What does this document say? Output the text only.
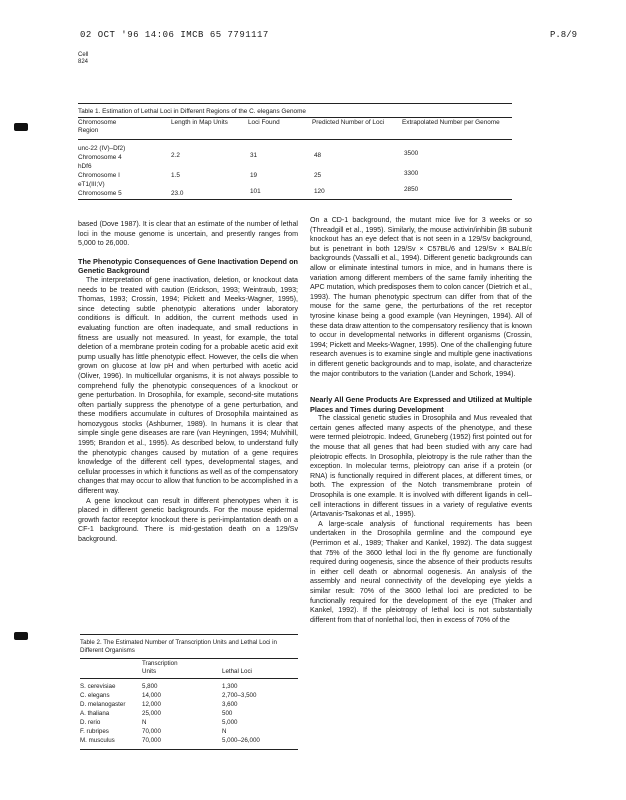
02 OCT '96 14:06 IMCB 65 7791117	P.8/9
Cell
824
Table 1. Estimation of Lethal Loci in Different Regions of the C. elegans Genome
Chromosome Region
Length in Map Units	Loci Found	Predicted Number of Loci	Extrapolated Number per Genome
unc-22 (IV)–Df2)
Chromosome 4	2.2	31	48	3500
hDf6
Chromosome I	1.5	19	25	3300
eT1(III;V)
Chromosome 5	23.0	101	120	2850

based (Dove 1987). It is clear that an estimate of the number of lethal loci in the mouse genome is uncertain, and presently ranges from 5,000 to 26,000.

The Phenotypic Consequences of Gene Inactivation Depend on Genetic Background

The interpretation of gene inactivation, deletion, or knockout data needs to be treated with caution (Erickson, 1993; Weintraub, 1993; Thomas, 1993; Crossin, 1994; Pickett and Meeks-Wagner, 1995), since detecting subtle phenotypic alterations under laboratory conditions is difficult. In addition, the current methods used in evaluating function are often inadequate, and small reductions in fitness are usually not measured. In yeast, for example, the total deletion of a membrane protein coding for a probable acetic acid exit pump usually has little phenotypic effect. However, the cells die when grown on glucose at low pH and when perturbed with acetic acid (Oliver, 1996). In multicellular organisms, it is not always possible to comprehend fully the phenotypic consequences of a knockout or gene perturbation. In Drosophila, for example, second-site mutations often partially suppress the phenotype of a gene perturbation, and these modifiers accumulate in cultures of Drosophila maintained as homozygous stocks (Ashburner, 1989). In humans it is clear that simple single gene diseases are rare (van Heyningen, 1994; Mulvihill, 1995; Brandon et al., 1995). As described below, to understand fully the phenotypic changes caused by mutation of a gene requires knowledge of the different cell types, developmental stages, and cellular processes in which it functions as well as of the compensatory changes that may occur to allow that function to be accomplished in a different way.

A gene knockout can result in different phenotypes when it is placed in different genetic backgrounds. For the mouse epidermal growth factor receptor knockout there is peri-implantation death on a CF-1 background. There is mid-gestation death on a 129/Sv background.

Table 2. The Estimated Number of Transcription Units and Lethal Loci in Different Organisms
Transcription Units	Lethal Loci
S. cerevisiae	5,800	1,300
C. elegans	14,000	2,700–3,500
D. melanogaster	12,000	3,600
A. thaliana	25,000	500
D. rerio	N	5,000
F. rubripes	70,000	N
M. musculus	70,000	5,000–26,000

On a CD-1 background, the mutant mice live for 3 weeks or so (Threadgill et al., 1995). Similarly, the mouse activin/inhibin βB subunit knockout has an eye defect that is not seen in a 129/Sv background, but is penetrant in both 129/Sv × C57BL/6 and 129/Sv × BALB/c backgrounds (Vassalli et al., 1994). Different genetic backgrounds can allow or eliminate intestinal tumors in mice, and in humans there is variation among different members of the same family inheriting the APC mutation, which predisposes them to colon cancer (Dietrich et al., 1993). The human phenotypic spectrum can differ from that of the mouse for the same gene, the perturbations of the ret receptor tyrosine kinase being a good example (van Heyningen, 1994). All of these data draw attention to the compensatory resiliency that is known to occur in developmental networks in different organisms (Crossin, 1994; Pickett and Meeks-Wagner, 1995). One of the challenging future research avenues is to examine single and multiple gene inactivations in different genetic backgrounds and to map, isolate, and characterize the major contributors to the variation (Lander and Schork, 1994).

Nearly All Gene Products Are Expressed and Utilized at Multiple Places and Times during Development

The classical genetic studies in Drosophila and Mus revealed that certain genes affected many aspects of the phenotype, and these were termed pleiotropic. Indeed, Gruneberg (1952) first pointed out for the mouse that all genes that had been studied with any care had pleiotropic effects. In Drosophila, pleiotropy is the rule rather than the exception. In molecular terms, pleiotropy can arise if a protein (or RNA) is functionally required in different places, at different times, or both. The expression of the Notch transmembrane protein of Drosophila is one example. It is involved with different ligands in cell–cell interactions in different tissues in a variety of regulative events (Artavanis-Tsakonas et al., 1995).

A large-scale analysis of functional requirements has been undertaken in the Drosophila germline and the compound eye (Perrimon et al., 1989; Thaker and Kankel, 1992). The data suggest that 75% of the 3600 lethal loci in the fly genome are functionally required during oogenesis, since the absence of their products results in either cell death or abnormal oogenesis. An analysis of the assembly and neural connectivity of the developing eye yields a similar result: 70% of the 3600 lethal loci are predicted to be functionally required for the development of the eye (Thaker and Kankel, 1992). If the pleiotropy of lethal loci is not substantially different from that of nonlethal loci, then in excess of 70% of the
